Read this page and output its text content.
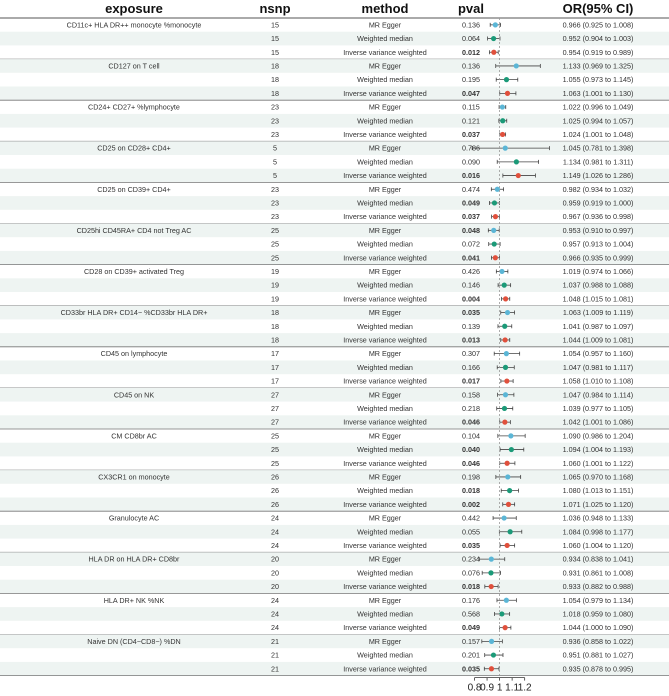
exposure	nsnp	method	pval	OR(95% CI)
CD11c+ HLA DR++ monocyte %monocyte	15	MR Egger	0.136	0.966 (0.925 to 1.008)
15	Weighted median	0.064	0.952 (0.904 to 1.003)
15	Inverse variance weighted	0.012	0.954 (0.919 to 0.989)
CD127 on T cell	18	MR Egger	0.136	1.133 (0.969 to 1.325)
18	Weighted median	0.195	1.055 (0.973 to 1.145)
18	Inverse variance weighted	0.047	1.063 (1.001 to 1.130)
CD24+ CD27+ %lymphocyte	23	MR Egger	0.115	1.022 (0.996 to 1.049)
23	Weighted median	0.121	1.025 (0.994 to 1.057)
23	Inverse variance weighted	0.037	1.024 (1.001 to 1.048)
CD25 on CD28+ CD4+	5	MR Egger	0.786	1.045 (0.781 to 1.398)
5	Weighted median	0.090	1.134 (0.981 to 1.311)
5	Inverse variance weighted	0.016	1.149 (1.026 to 1.286)
CD25 on CD39+ CD4+	23	MR Egger	0.474	0.982 (0.934 to 1.032)
23	Weighted median	0.049	0.959 (0.919 to 1.000)
23	Inverse variance weighted	0.037	0.967 (0.936 to 0.998)
CD25hi CD45RA+ CD4 not Treg AC	25	MR Egger	0.048	0.953 (0.910 to 0.997)
25	Weighted median	0.072	0.957 (0.913 to 1.004)
25	Inverse variance weighted	0.041	0.966 (0.935 to 0.999)
CD28 on CD39+ activated Treg	19	MR Egger	0.426	1.019 (0.974 to 1.066)
19	Weighted median	0.146	1.037 (0.988 to 1.088)
19	Inverse variance weighted	0.004	1.048 (1.015 to 1.081)
CD33br HLA DR+ CD14− %CD33br HLA DR+	18	MR Egger	0.035	1.063 (1.009 to 1.119)
18	Weighted median	0.139	1.041 (0.987 to 1.097)
18	Inverse variance weighted	0.013	1.044 (1.009 to 1.081)
CD45 on lymphocyte	17	MR Egger	0.307	1.054 (0.957 to 1.160)
17	Weighted median	0.166	1.047 (0.981 to 1.117)
17	Inverse variance weighted	0.017	1.058 (1.010 to 1.108)
CD45 on NK	27	MR Egger	0.158	1.047 (0.984 to 1.114)
27	Weighted median	0.218	1.039 (0.977 to 1.105)
27	Inverse variance weighted	0.046	1.042 (1.001 to 1.086)
CM CD8br AC	25	MR Egger	0.104	1.090 (0.986 to 1.204)
25	Weighted median	0.040	1.094 (1.004 to 1.193)
25	Inverse variance weighted	0.046	1.060 (1.001 to 1.122)
CX3CR1 on monocyte	26	MR Egger	0.198	1.065 (0.970 to 1.168)
26	Weighted median	0.018	1.080 (1.013 to 1.151)
26	Inverse variance weighted	0.002	1.071 (1.025 to 1.120)
Granulocyte AC	24	MR Egger	0.442	1.036 (0.948 to 1.133)
24	Weighted median	0.055	1.084 (0.998 to 1.177)
24	Inverse variance weighted	0.035	1.060 (1.004 to 1.120)
HLA DR on HLA DR+ CD8br	20	MR Egger	0.234	0.934 (0.838 to 1.041)
20	Weighted median	0.076	0.931 (0.861 to 1.008)
20	Inverse variance weighted	0.018	0.933 (0.882 to 0.988)
HLA DR+ NK %NK	24	MR Egger	0.176	1.054 (0.979 to 1.134)
24	Weighted median	0.568	1.018 (0.959 to 1.080)
24	Inverse variance weighted	0.049	1.044 (1.000 to 1.090)
Naive DN (CD4−CD8−) %DN	21	MR Egger	0.157	0.936 (0.858 to 1.022)
21	Weighted median	0.201	0.951 (0.881 to 1.027)
21	Inverse variance weighted	0.035	0.935 (0.878 to 0.995)
0.8
0.9 1 1.1
1.2
